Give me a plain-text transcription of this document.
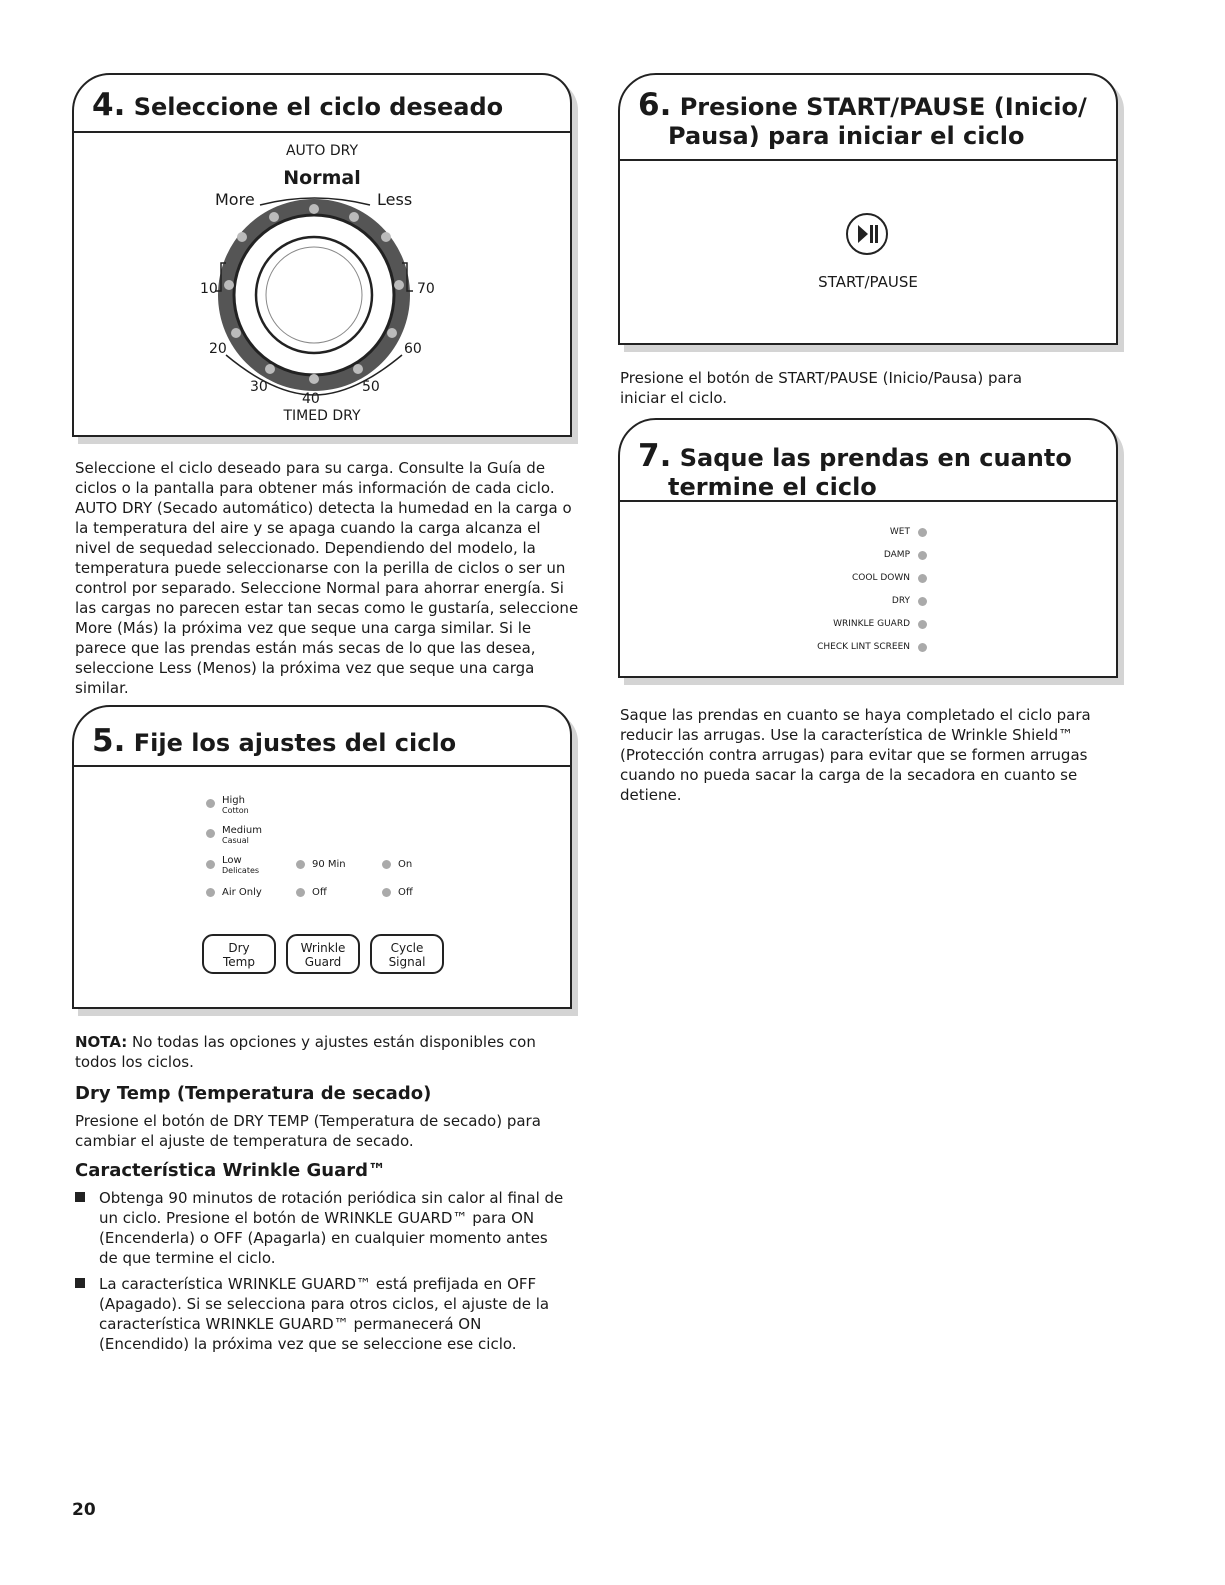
4. Seleccione el ciclo deseado

AUTO DRY
Normal
More	Less
10
20
30
40
50
60
70
TIMED DRY

Seleccione el ciclo deseado para su carga. Consulte la Guía de ciclos o la pantalla para obtener más información de cada ciclo. AUTO DRY (Secado automático) detecta la humedad en la carga o la temperatura del aire y se apaga cuando la carga alcanza el nivel de sequedad seleccionado. Dependiendo del modelo, la temperatura puede seleccionarse con la perilla de ciclos o ser un control por separado. Seleccione Normal para ahorrar energía. Si las cargas no parecen estar tan secas como le gustaría, seleccione More (Más) la próxima vez que seque una carga similar. Si le parece que las prendas están más secas de lo que las desea, seleccione Less (Menos) la próxima vez que seque una carga similar.

5. Fije los ajustes del ciclo

High
Cotton
Medium
Casual
Low
Delicates
Air Only
90 Min
Off
On
Off
Dry
Temp
Wrinkle
Guard
Cycle
Signal

NOTA: No todas las opciones y ajustes están disponibles con todos los ciclos.

Dry Temp (Temperatura de secado)

Presione el botón de DRY TEMP (Temperatura de secado) para cambiar el ajuste de temperatura de secado.

Característica Wrinkle Guard™

Obtenga 90 minutos de rotación periódica sin calor al final de un ciclo. Presione el botón de WRINKLE GUARD™ para ON (Encenderla) o OFF (Apagarla) en cualquier momento antes de que termine el ciclo.
La característica WRINKLE GUARD™ está prefijada en OFF (Apagado). Si se selecciona para otros ciclos, el ajuste de la característica WRINKLE GUARD™ permanecerá ON (Encendido) la próxima vez que se seleccione ese ciclo.

6. Presione START/PAUSE (Inicio/
Pausa) para iniciar el ciclo

START/PAUSE

Presione el botón de START/PAUSE (Inicio/Pausa) para iniciar el ciclo.

7. Saque las prendas en cuanto
termine el ciclo

WET
DAMP
COOL DOWN
DRY
WRINKLE GUARD
CHECK LINT SCREEN

Saque las prendas en cuanto se haya completado el ciclo para reducir las arrugas. Use la característica de Wrinkle Shield™ (Protección contra arrugas) para evitar que se formen arrugas cuando no pueda sacar la carga de la secadora en cuanto se detiene.

20
